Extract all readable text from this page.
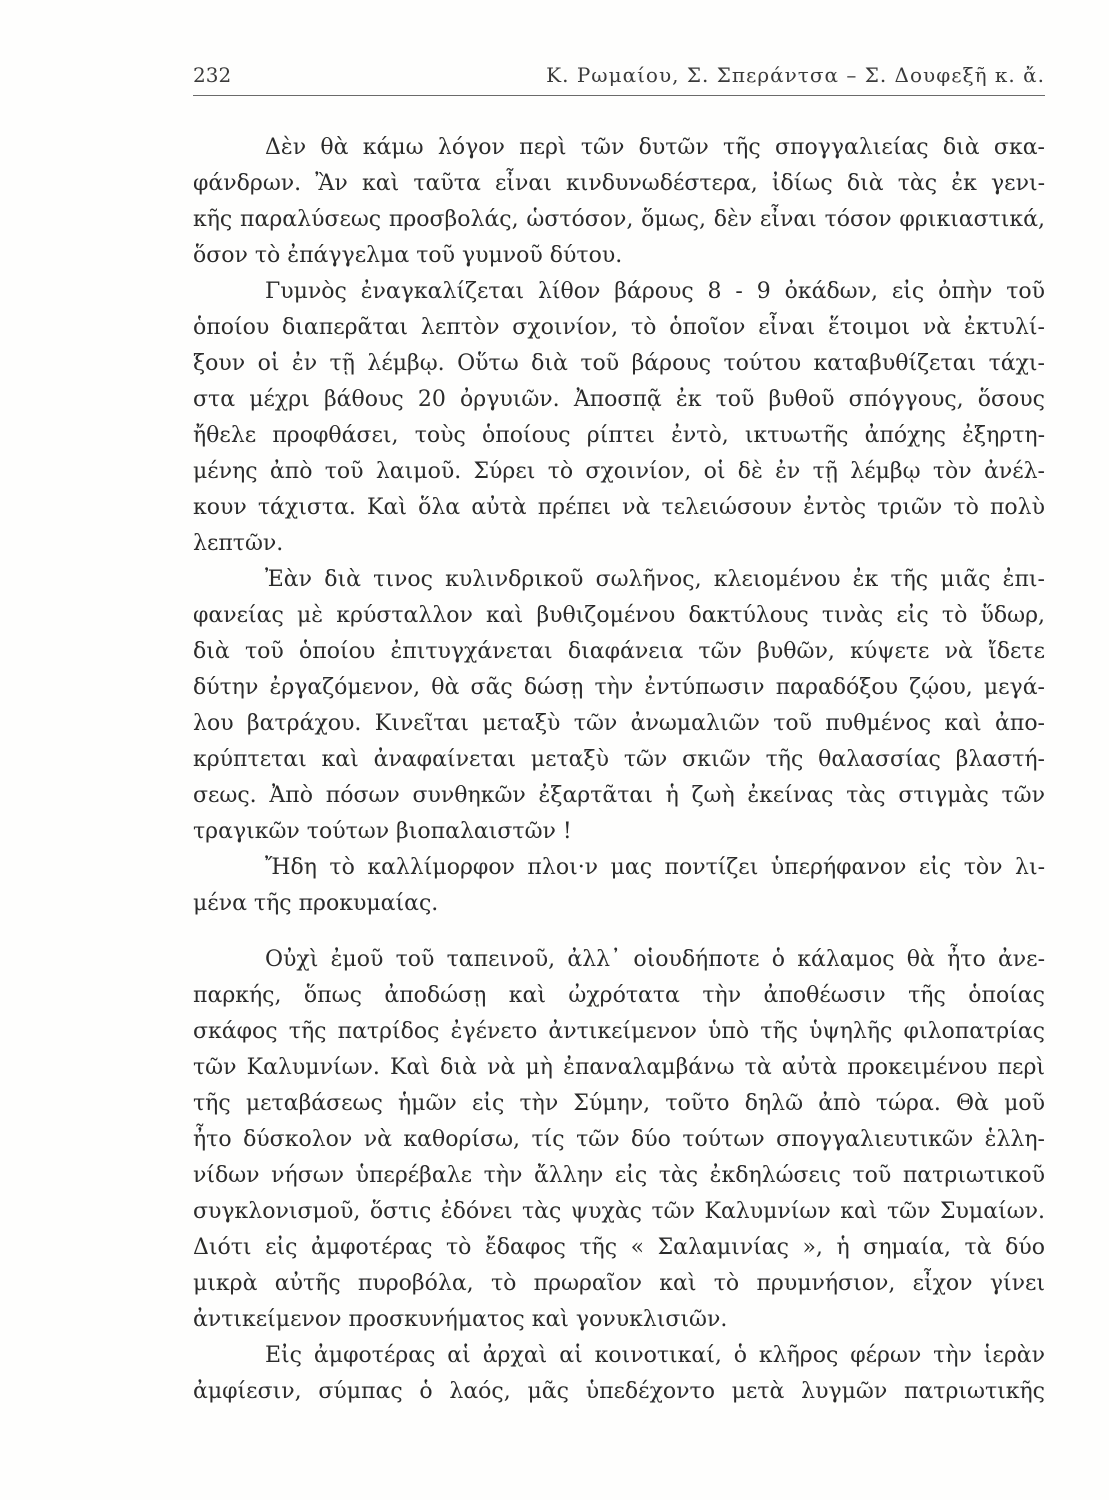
232	Κ. Ρωμαίου, Σ. Σπεράντσα – Σ. Δουφεξῆ κ. ἄ.
Δὲν θὰ κάμω λόγον περὶ τῶν δυτῶν τῆς σπογγαλιείας διὰ σκα-
φάνδρων. Ἂν καὶ ταῦτα εἶναι κινδυνωδέστερα, ἰδίως διὰ τὰς ἐκ γενι-
κῆς παραλύσεως προσβολάς, ὡστόσον, ὅμως, δὲν εἶναι τόσον φρικιαστικά,
ὅσον τὸ ἐπάγγελμα τοῦ γυμνοῦ δύτου.
Γυμνὸς ἐναγκαλίζεται λίθον βάρους 8 - 9 ὀκάδων, εἰς ὀπὴν τοῦ
ὁποίου διαπερᾶται λεπτὸν σχοινίον, τὸ ὁποῖον εἶναι ἕτοιμοι νὰ ἐκτυλί-
ξουν οἱ ἐν τῇ λέμβῳ. Οὕτω διὰ τοῦ βάρους τούτου καταβυθίζεται τάχι-
στα μέχρι βάθους 20 ὀργυιῶν. Ἀποσπᾷ ἐκ τοῦ βυθοῦ σπόγγους, ὅσους
ἤθελε προφθάσει, τοὺς ὁποίους ρίπτει ἐντὸ, ικτυωτῆς ἀπόχης ἐξηρτη-
μένης ἀπὸ τοῦ λαιμοῦ. Σύρει τὸ σχοινίον, οἱ δὲ ἐν τῇ λέμβῳ τὸν ἀνέλ-
κουν τάχιστα. Καὶ ὅλα αὐτὰ πρέπει νὰ τελειώσουν ἐντὸς τριῶν τὸ πολὺ
λεπτῶν.
Ἐὰν διὰ τινος κυλινδρικοῦ σωλῆνος, κλειομένου ἐκ τῆς μιᾶς ἐπι-
φανείας μὲ κρύσταλλον καὶ βυθιζομένου δακτύλους τινὰς εἰς τὸ ὕδωρ,
διὰ τοῦ ὁποίου ἐπιτυγχάνεται διαφάνεια τῶν βυθῶν, κύψετε νὰ ἴδετε
δύτην ἐργαζόμενον, θὰ σᾶς δώσῃ τὴν ἐντύπωσιν παραδόξου ζῴου, μεγά-
λου βατράχου. Κινεῖται μεταξὺ τῶν ἀνωμαλιῶν τοῦ πυθμένος καὶ ἀπο-
κρύπτεται καὶ ἀναφαίνεται μεταξὺ τῶν σκιῶν τῆς θαλασσίας βλαστή-
σεως. Ἀπὸ πόσων συνθηκῶν ἐξαρτᾶται ἡ ζωὴ ἐκείνας τὰς στιγμὰς τῶν
τραγικῶν τούτων βιοπαλαιστῶν !
Ἤδη τὸ καλλίμορφον πλοι·ν μας ποντίζει ὑπερήφανον εἰς τὸν λι-
μένα τῆς προκυμαίας.
Οὐχὶ ἐμοῦ τοῦ ταπεινοῦ, ἀλλ᾽ οἱουδήποτε ὁ κάλαμος θὰ ἦτο ἀνε-
παρκής, ὅπως ἀποδώσῃ καὶ ὠχρότατα τὴν ἀποθέωσιν τῆς ὁποίας
σκάφος τῆς πατρίδος ἐγένετο ἀντικείμενον ὑπὸ τῆς ὑψηλῆς φιλοπατρίας
τῶν Καλυμνίων. Καὶ διὰ νὰ μὴ ἐπαναλαμβάνω τὰ αὐτὰ προκειμένου περὶ
τῆς μεταβάσεως ἡμῶν εἰς τὴν Σύμην, τοῦτο δηλῶ ἀπὸ τώρα. Θὰ μοῦ
ἦτο δύσκολον νὰ καθορίσω, τίς τῶν δύο τούτων σπογγαλιευτικῶν ἑλλη-
νίδων νήσων ὑπερέβαλε τὴν ἄλλην εἰς τὰς ἐκδηλώσεις τοῦ πατριωτικοῦ
συγκλονισμοῦ, ὅστις ἐδόνει τὰς ψυχὰς τῶν Καλυμνίων καὶ τῶν Συμαίων.
Διότι εἰς ἀμφοτέρας τὸ ἔδαφος τῆς « Σαλαμινίας », ἡ σημαία, τὰ δύο
μικρὰ αὐτῆς πυροβόλα, τὸ πρωραῖον καὶ τὸ πρυμνήσιον, εἶχον γίνει
ἀντικείμενον προσκυνήματος καὶ γονυκλισιῶν.
Εἰς ἀμφοτέρας αἱ ἀρχαὶ αἱ κοινοτικαί, ὁ κλῆρος φέρων τὴν ἱερὰν
ἀμφίεσιν, σύμπας ὁ λαός, μᾶς ὑπεδέχοντο μετὰ λυγμῶν πατριωτικῆς
